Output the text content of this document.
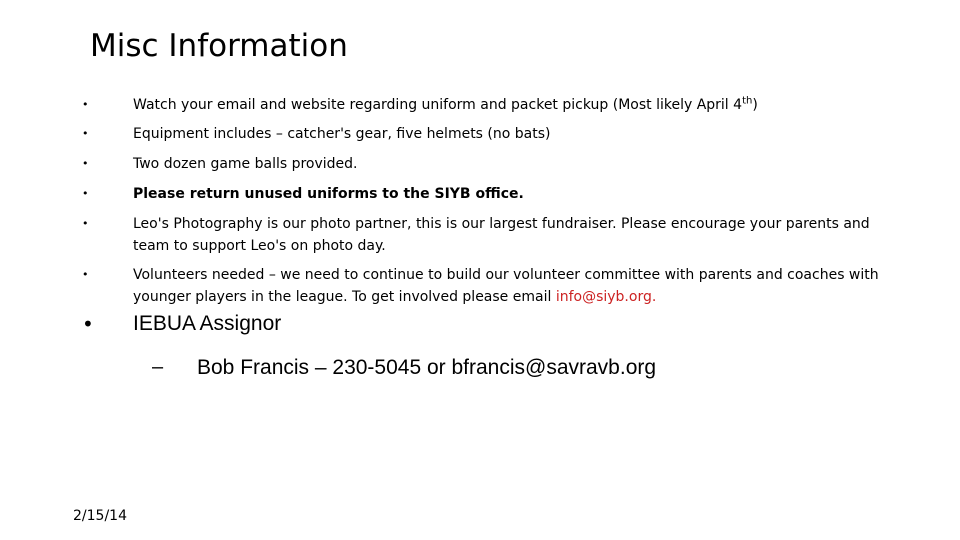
Misc Information
•	Watch your email and website regarding uniform and packet pickup (Most likely April 4th)
•	Equipment includes – catcher's gear, five helmets (no bats)
•	Two dozen game balls provided.
•	Please return unused uniforms to the SIYB office.
•	Leo's Photography is our photo partner, this is our largest fundraiser. Please encourage your parents and team to support Leo's on photo day.
•	Volunteers needed – we need to continue to build our volunteer committee with parents and coaches with younger players in the league. To get involved please email info@siyb.org.
• IEBUA Assignor
– Bob Francis – 230-5045 or bfrancis@savravb.org
2/15/14
